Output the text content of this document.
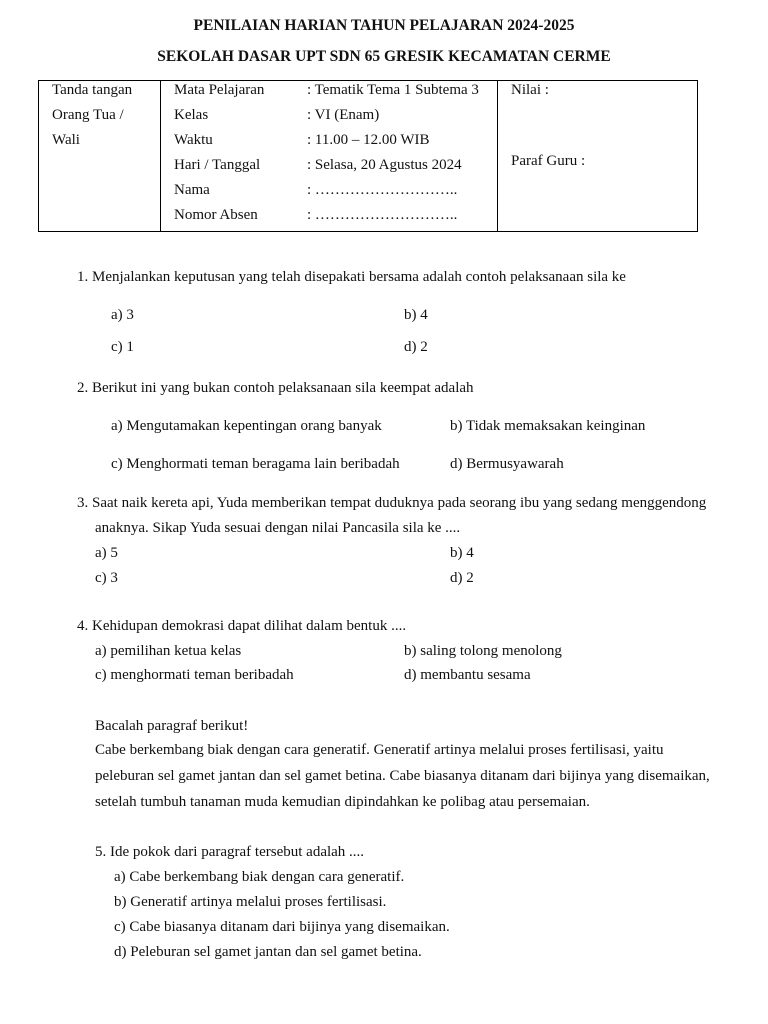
PENILAIAN HARIAN TAHUN PELAJARAN 2024-2025
SEKOLAH DASAR UPT SDN 65 GRESIK KECAMATAN CERME
Tanda tangan
Orang Tua /
Wali
Mata Pelajaran	: Tematik Tema 1 Subtema 3
Kelas	: VI (Enam)
Waktu	: 11.00 – 12.00 WIB
Hari / Tanggal	: Selasa, 20 Agustus 2024
Nama	: ………………………..
Nomor Absen	: ………………………..
Nilai :
Paraf Guru :
1. Menjalankan keputusan yang telah disepakati bersama adalah contoh pelaksanaan sila ke
a) 3	b) 4
c) 1	d) 2
2. Berikut ini yang bukan contoh pelaksanaan sila keempat adalah
a) Mengutamakan kepentingan orang banyak	b) Tidak memaksakan keinginan
c) Menghormati teman beragama lain beribadah	d) Bermusyawarah
3. Saat naik kereta api, Yuda memberikan tempat duduknya pada seorang ibu yang sedang menggendong
anaknya. Sikap Yuda sesuai dengan nilai Pancasila sila ke ....
a) 5	b) 4
c) 3	d) 2
4. Kehidupan demokrasi dapat dilihat dalam bentuk ....
a) pemilihan ketua kelas	b) saling tolong menolong
c) menghormati teman beribadah	d) membantu sesama
Bacalah paragraf berikut!
Cabe berkembang biak dengan cara generatif. Generatif artinya melalui proses fertilisasi, yaitu
peleburan sel gamet jantan dan sel gamet betina. Cabe biasanya ditanam dari bijinya yang disemaikan,
setelah tumbuh tanaman muda kemudian dipindahkan ke polibag atau persemaian.
5. Ide pokok dari paragraf tersebut adalah ....
a) Cabe berkembang biak dengan cara generatif.
b) Generatif artinya melalui proses fertilisasi.
c) Cabe biasanya ditanam dari bijinya yang disemaikan.
d) Peleburan sel gamet jantan dan sel gamet betina.
